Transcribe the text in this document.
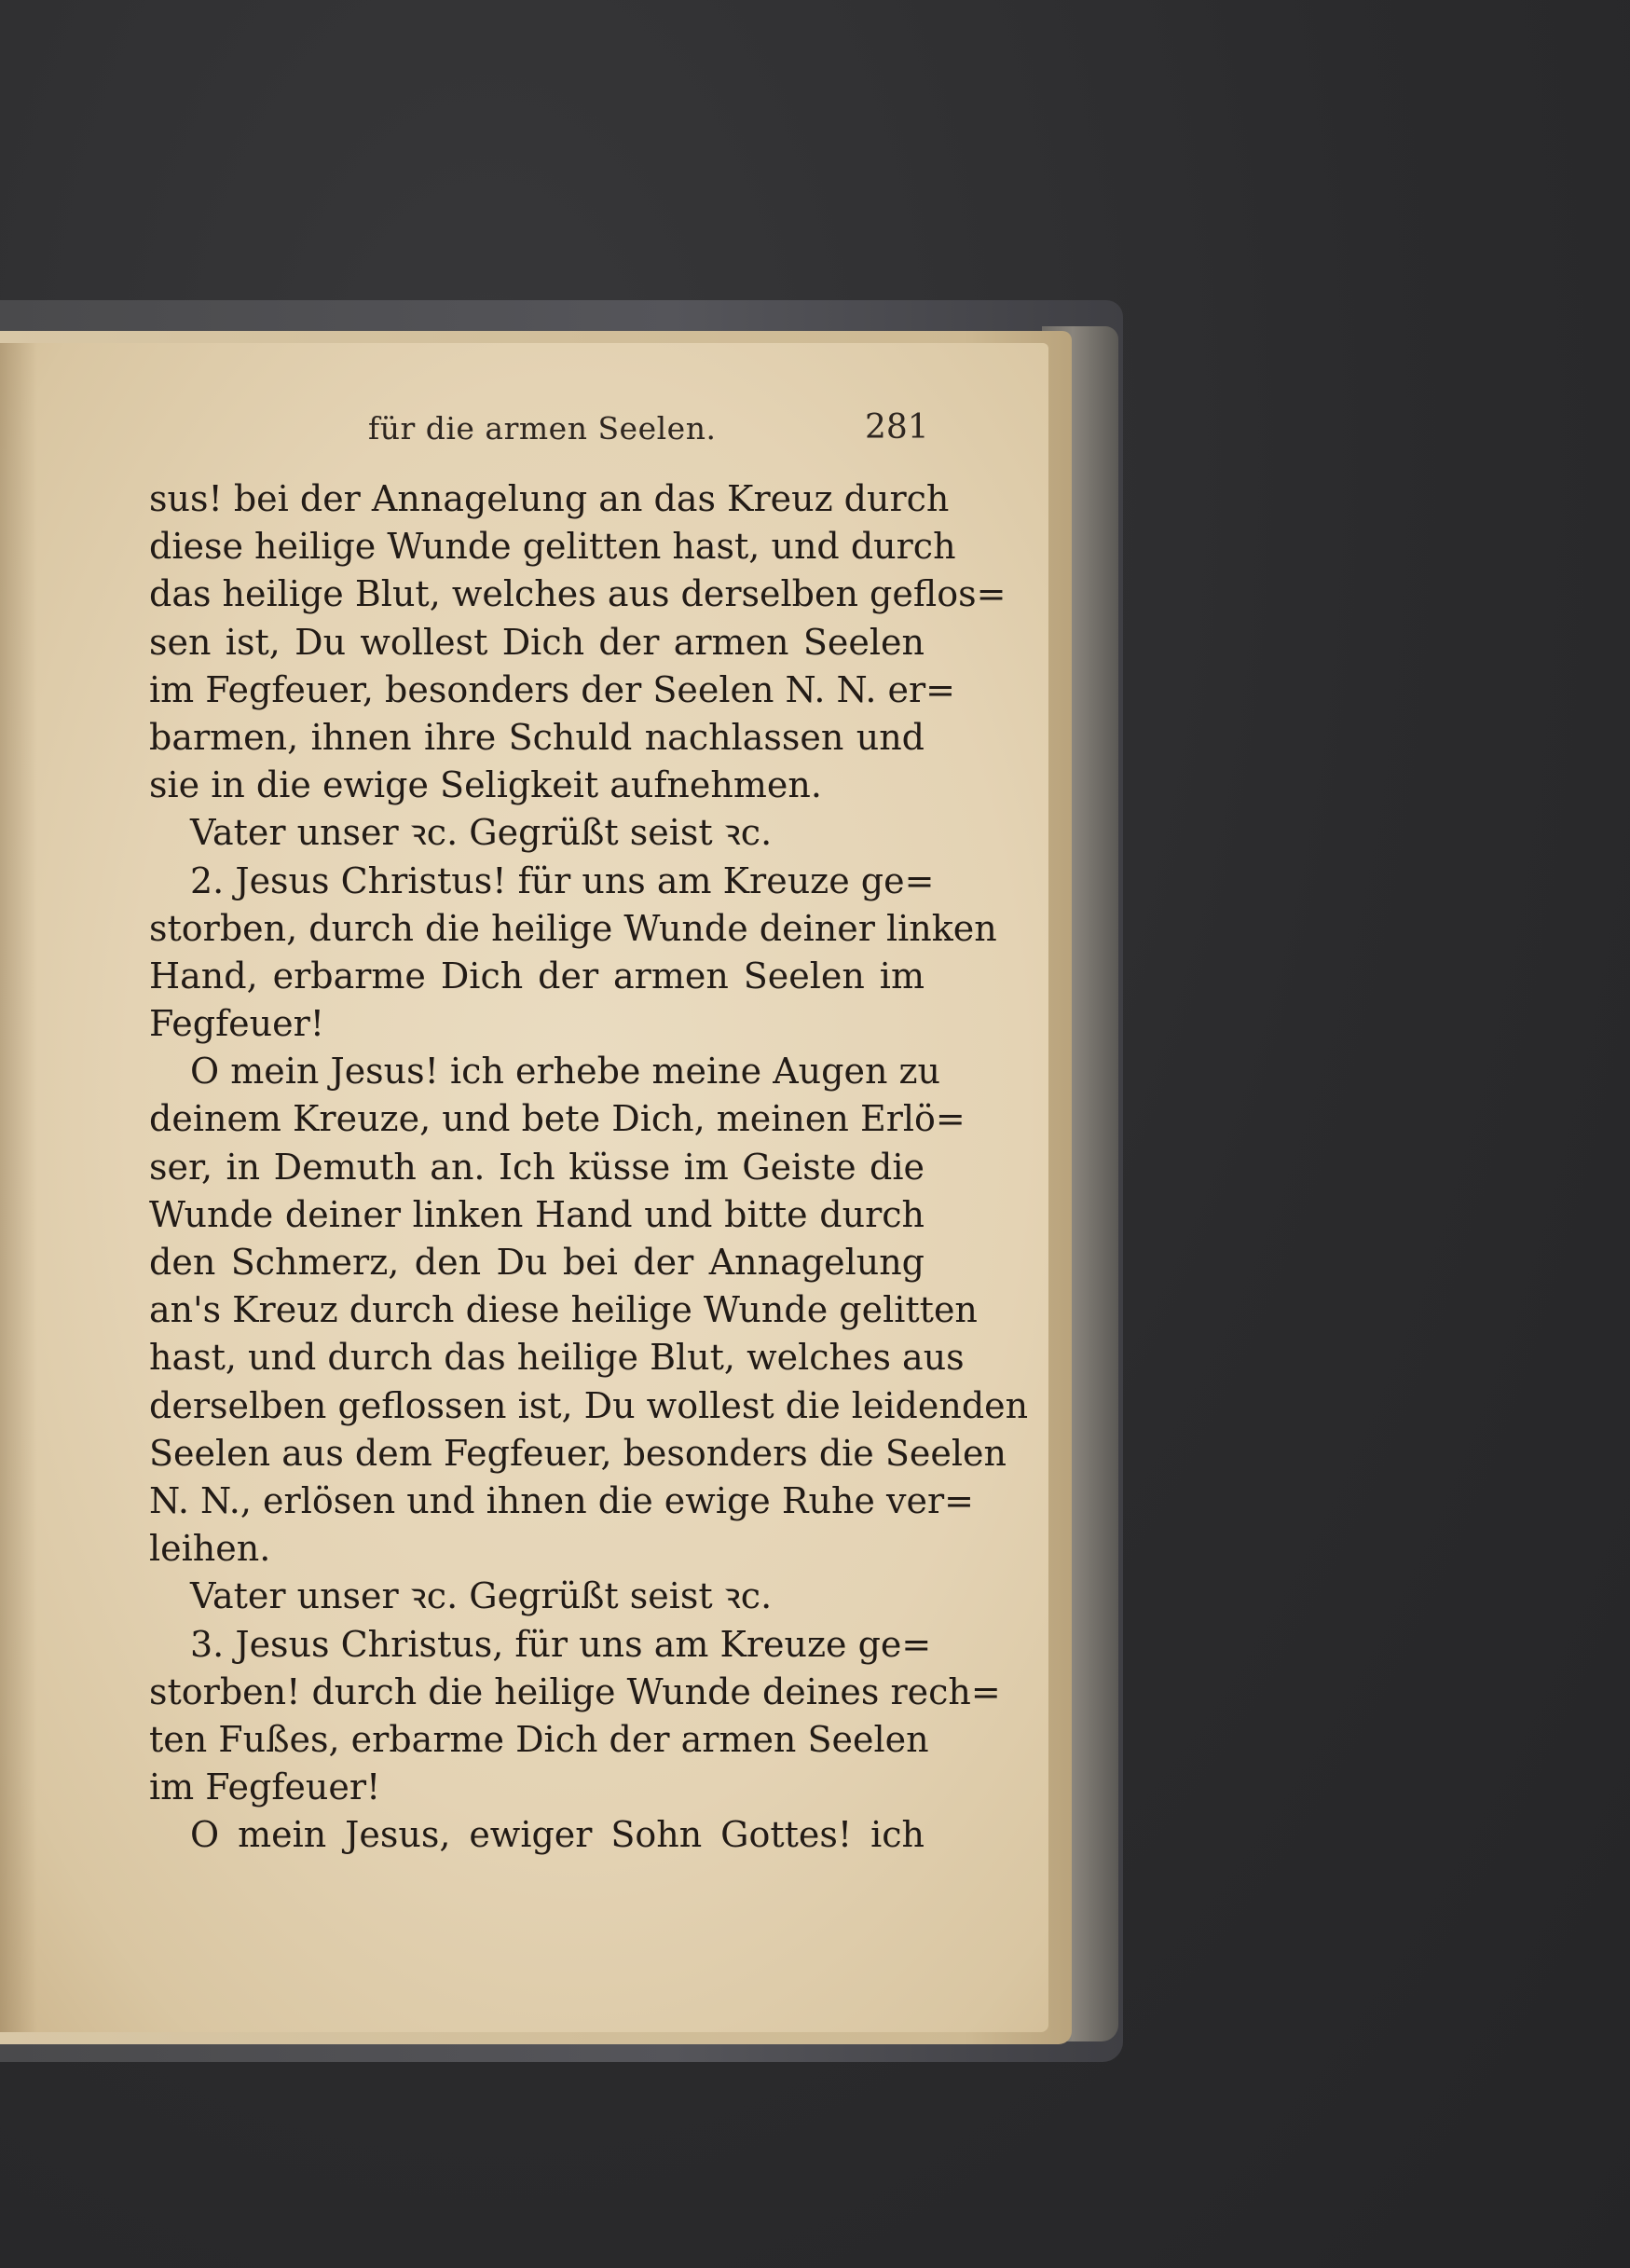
für die armen Seelen.	281
sus! bei der Annagelung an das Kreuz durch
diese heilige Wunde gelitten hast, und durch
das heilige Blut, welches aus derselben geflos=
sen ist, Du wollest Dich der armen Seelen
im Fegfeuer, besonders der Seelen N. N. er=
barmen, ihnen ihre Schuld nachlassen und
sie in die ewige Seligkeit aufnehmen.
Vater unser ꝛc. Gegrüßt seist ꝛc.
2. Jesus Christus! für uns am Kreuze ge=
storben, durch die heilige Wunde deiner linken
Hand, erbarme Dich der armen Seelen im
Fegfeuer!
O mein Jesus! ich erhebe meine Augen zu
deinem Kreuze, und bete Dich, meinen Erlö=
ser, in Demuth an. Ich küsse im Geiste die
Wunde deiner linken Hand und bitte durch
den Schmerz, den Du bei der Annagelung
an's Kreuz durch diese heilige Wunde gelitten
hast, und durch das heilige Blut, welches aus
derselben geflossen ist, Du wollest die leidenden
Seelen aus dem Fegfeuer, besonders die Seelen
N. N., erlösen und ihnen die ewige Ruhe ver=
leihen.
Vater unser ꝛc. Gegrüßt seist ꝛc.
3. Jesus Christus, für uns am Kreuze ge=
storben! durch die heilige Wunde deines rech=
ten Fußes, erbarme Dich der armen Seelen
im Fegfeuer!
O mein Jesus, ewiger Sohn Gottes! ich
